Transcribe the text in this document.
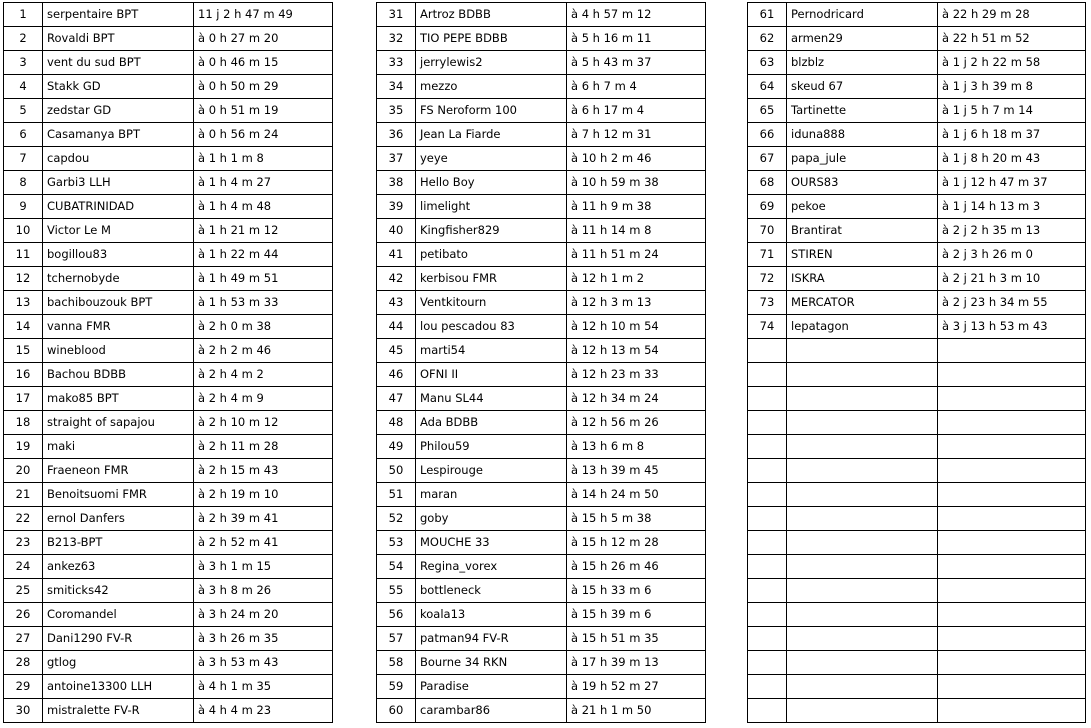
1	serpentaire BPT	11 j 2 h 47 m 49		31	Artroz BDBB	à 4 h 57 m 12		61	Pernodricard	à 22 h 29 m 28
2	Rovaldi BPT	à 0 h 27 m 20		32	TIO PEPE BDBB	à 5 h 16 m 11		62	armen29	à 22 h 51 m 52
3	vent du sud BPT	à 0 h 46 m 15		33	jerrylewis2	à 5 h 43 m 37		63	blzblz	à 1 j 2 h 22 m 58
4	Stakk GD	à 0 h 50 m 29		34	mezzo	à 6 h 7 m 4		64	skeud 67	à 1 j 3 h 39 m 8
5	zedstar GD	à 0 h 51 m 19		35	FS Neroform 100	à 6 h 17 m 4		65	Tartinette	à 1 j 5 h 7 m 14
6	Casamanya BPT	à 0 h 56 m 24		36	Jean La Fiarde	à 7 h 12 m 31		66	iduna888	à 1 j 6 h 18 m 37
7	capdou	à 1 h 1 m 8		37	yeye	à 10 h 2 m 46		67	papa_jule	à 1 j 8 h 20 m 43
8	Garbi3 LLH	à 1 h 4 m 27		38	Hello Boy	à 10 h 59 m 38		68	OURS83	à 1 j 12 h 47 m 37
9	CUBATRINIDAD	à 1 h 4 m 48		39	limelight	à 11 h 9 m 38		69	pekoe	à 1 j 14 h 13 m 3
10	Victor Le M	à 1 h 21 m 12		40	Kingfisher829	à 11 h 14 m 8		70	Brantirat	à 2 j 2 h 35 m 13
11	bogillou83	à 1 h 22 m 44		41	petibato	à 11 h 51 m 24		71	STIREN	à 2 j 3 h 26 m 0
12	tchernobyde	à 1 h 49 m 51		42	kerbisou FMR	à 12 h 1 m 2		72	ISKRA	à 2 j 21 h 3 m 10
13	bachibouzouk BPT	à 1 h 53 m 33		43	Ventkitourn	à 12 h 3 m 13		73	MERCATOR	à 2 j 23 h 34 m 55
14	vanna FMR	à 2 h 0 m 38		44	lou pescadou 83	à 12 h 10 m 54		74	lepatagon	à 3 j 13 h 53 m 43
15	wineblood	à 2 h 2 m 46		45	marti54	à 12 h 13 m 54				
16	Bachou BDBB	à 2 h 4 m 2		46	OFNI II	à 12 h 23 m 33				
17	mako85 BPT	à 2 h 4 m 9		47	Manu SL44	à 12 h 34 m 24				
18	straight of sapajou	à 2 h 10 m 12		48	Ada BDBB	à 12 h 56 m 26				
19	maki	à 2 h 11 m 28		49	Philou59	à 13 h 6 m 8				
20	Fraeneon FMR	à 2 h 15 m 43		50	Lespirouge	à 13 h 39 m 45				
21	Benoitsuomi FMR	à 2 h 19 m 10		51	maran	à 14 h 24 m 50				
22	ernol Danfers	à 2 h 39 m 41		52	goby	à 15 h 5 m 38				
23	B213-BPT	à 2 h 52 m 41		53	MOUCHE 33	à 15 h 12 m 28				
24	ankez63	à 3 h 1 m 15		54	Regina_vorex	à 15 h 26 m 46				
25	smiticks42	à 3 h 8 m 26		55	bottleneck	à 15 h 33 m 6				
26	Coromandel	à 3 h 24 m 20		56	koala13	à 15 h 39 m 6				
27	Dani1290 FV-R	à 3 h 26 m 35		57	patman94 FV-R	à 15 h 51 m 35				
28	gtlog	à 3 h 53 m 43		58	Bourne 34 RKN	à 17 h 39 m 13				
29	antoine13300 LLH	à 4 h 1 m 35		59	Paradise	à 19 h 52 m 27				
30	mistralette FV-R	à 4 h 4 m 23		60	carambar86	à 21 h 1 m 50				
